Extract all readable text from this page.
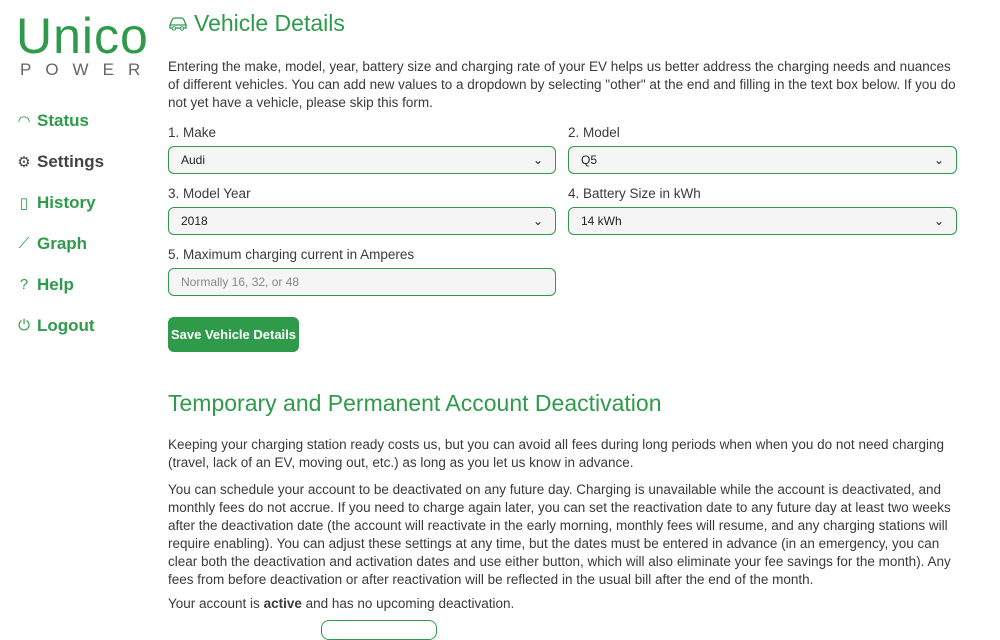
Unico
POWER
◠ Status
⚙ Settings
▯ History
⟋ Graph
? Help
⏻ Logout
Vehicle Details

Entering the make, model, year, battery size and charging rate of your EV helps us better address the charging needs and nuances of different vehicles. You can add new values to a dropdown by selecting "other" at the end and filling in the text box below. If you do not yet have a vehicle, please skip this form.

1. Make
Audi	⌄
2. Model
Q5	⌄
3. Model Year
2018	⌄
4. Battery Size in kWh
14 kWh	⌄
5. Maximum charging current in Amperes
Normally 16, 32, or 48
Save Vehicle Details
Temporary and Permanent Account Deactivation

Keeping your charging station ready costs us, but you can avoid all fees during long periods when when you do not need charging (travel, lack of an EV, moving out, etc.) as long as you let us know in advance.

You can schedule your account to be deactivated on any future day. Charging is unavailable while the account is deactivated, and monthly fees do not accrue. If you need to charge again later, you can set the reactivation date to any future day at least two weeks after the deactivation date (the account will reactivate in the early morning, monthly fees will resume, and any charging stations will require enabling). You can adjust these settings at any time, but the dates must be entered in advance (in an emergency, you can clear both the deactivation and activation dates and use either button, which will also eliminate your fee savings for the month). Any fees from before deactivation or after reactivation will be reflected in the usual bill after the end of the month.

Your account is active and has no upcoming deactivation.
